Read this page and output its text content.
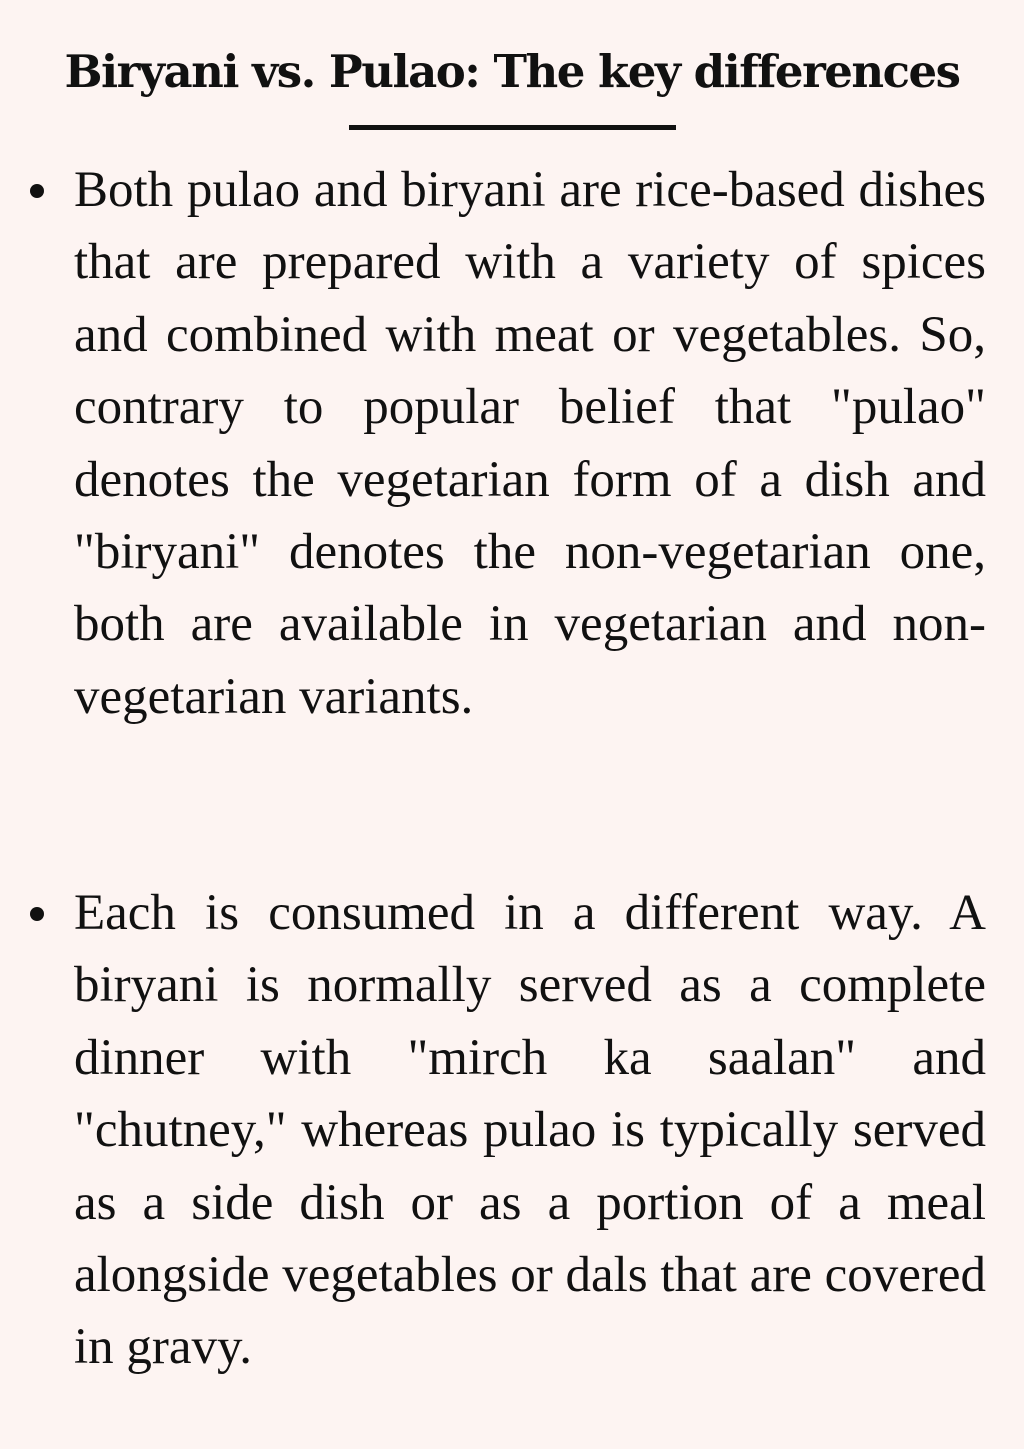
Biryani vs. Pulao: The key differences
Both pulao and biryani are rice-based dishes that are prepared with a variety of spices and combined with meat or vegetables. So, contrary to popular belief that "pulao" denotes the vegetarian form of a dish and "biryani" denotes the non-vegetarian one, both are available in vegetarian and non-vegetarian variants.
Each is consumed in a different way. A biryani is normally served as a complete dinner with "mirch ka saalan" and "chutney," whereas pulao is typically served as a side dish or as a portion of a meal alongside vegetables or dals that are covered in gravy.
